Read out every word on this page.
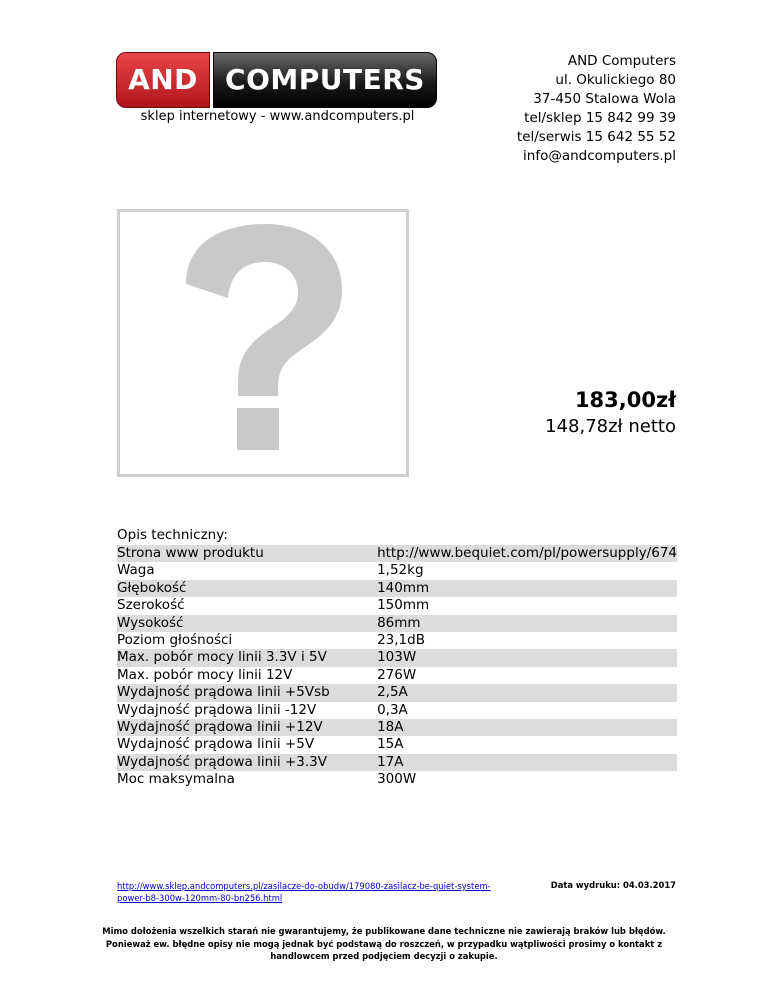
AND COMPUTERS
sklep internetowy - www.andcomputers.pl
AND Computers
ul. Okulickiego 80
37-450 Stalowa Wola
tel/sklep 15 842 99 39
tel/serwis 15 642 55 52
info@andcomputers.pl
183,00zł
148,78zł netto
Opis techniczny:
Strona www produktu	http://www.bequiet.com/pl/powersupply/674
Waga	1,52kg
Głębokość	140mm
Szerokość	150mm
Wysokość	86mm
Poziom głośności	23,1dB
Max. pobór mocy linii 3.3V i 5V	103W
Max. pobór mocy linii 12V	276W
Wydajność prądowa linii +5Vsb	2,5A
Wydajność prądowa linii -12V	0,3A
Wydajność prądowa linii +12V	18A
Wydajność prądowa linii +5V	15A
Wydajność prądowa linii +3.3V	17A
Moc maksymalna	300W
http://www.sklep.andcomputers.pl/zasilacze-do-obudw/179080-zasilacz-be-quiet-system-power-b8-300w-120mm-80-bn256.html
Data wydruku: 04.03.2017
Mimo dołożenia wszelkich starań nie gwarantujemy, że publikowane dane techniczne nie zawierają braków lub błędów. Ponieważ ew. błędne opisy nie mogą jednak być podstawą do roszczeń, w przypadku wątpliwości prosimy o kontakt z handlowcem przed podjęciem decyzji o zakupie.
